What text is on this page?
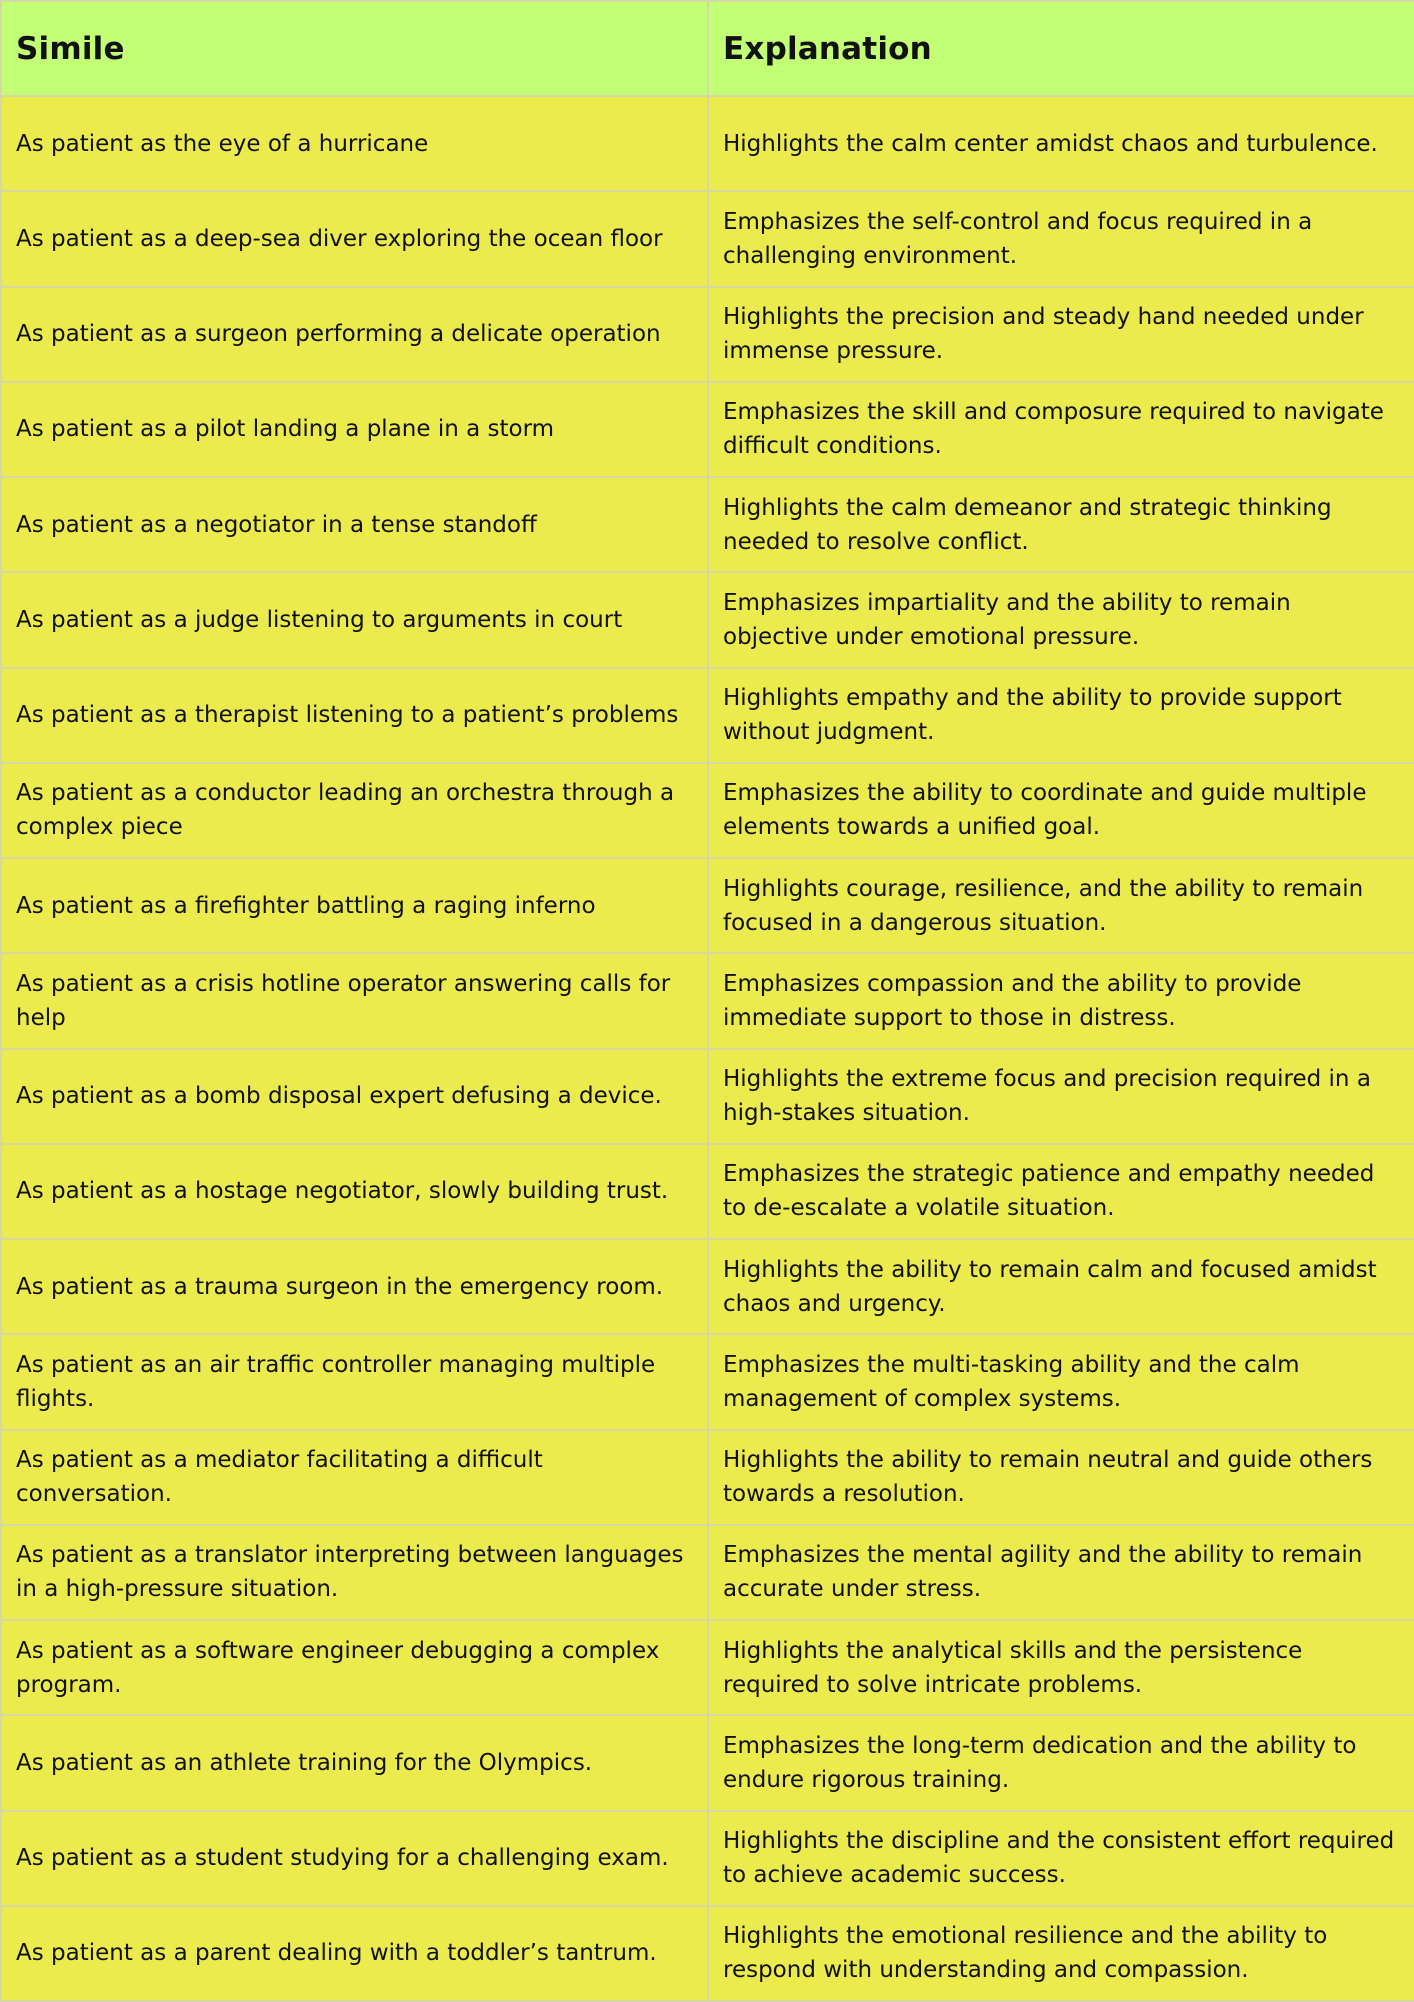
Simile	Explanation
As patient as the eye of a hurricane	Highlights the calm center amidst chaos and turbulence.
As patient as a deep-sea diver exploring the ocean floor	Emphasizes the self-control and focus required in a challenging environment.
As patient as a surgeon performing a delicate operation	Highlights the precision and steady hand needed under immense pressure.
As patient as a pilot landing a plane in a storm	Emphasizes the skill and composure required to navigate difficult conditions.
As patient as a negotiator in a tense standoff	Highlights the calm demeanor and strategic thinking needed to resolve conflict.
As patient as a judge listening to arguments in court	Emphasizes impartiality and the ability to remain objective under emotional pressure.
As patient as a therapist listening to a patient’s problems	Highlights empathy and the ability to provide support without judgment.
As patient as a conductor leading an orchestra through a complex piece	Emphasizes the ability to coordinate and guide multiple elements towards a unified goal.
As patient as a firefighter battling a raging inferno	Highlights courage, resilience, and the ability to remain focused in a dangerous situation.
As patient as a crisis hotline operator answering calls for help	Emphasizes compassion and the ability to provide immediate support to those in distress.
As patient as a bomb disposal expert defusing a device.	Highlights the extreme focus and precision required in a high-stakes situation.
As patient as a hostage negotiator, slowly building trust.	Emphasizes the strategic patience and empathy needed to de-escalate a volatile situation.
As patient as a trauma surgeon in the emergency room.	Highlights the ability to remain calm and focused amidst chaos and urgency.
As patient as an air traffic controller managing multiple flights.	Emphasizes the multi-tasking ability and the calm management of complex systems.
As patient as a mediator facilitating a difficult conversation.	Highlights the ability to remain neutral and guide others towards a resolution.
As patient as a translator interpreting between languages in a high-pressure situation.	Emphasizes the mental agility and the ability to remain accurate under stress.
As patient as a software engineer debugging a complex program.	Highlights the analytical skills and the persistence required to solve intricate problems.
As patient as an athlete training for the Olympics.	Emphasizes the long-term dedication and the ability to endure rigorous training.
As patient as a student studying for a challenging exam.	Highlights the discipline and the consistent effort required to achieve academic success.
As patient as a parent dealing with a toddler’s tantrum.	Highlights the emotional resilience and the ability to respond with understanding and compassion.
